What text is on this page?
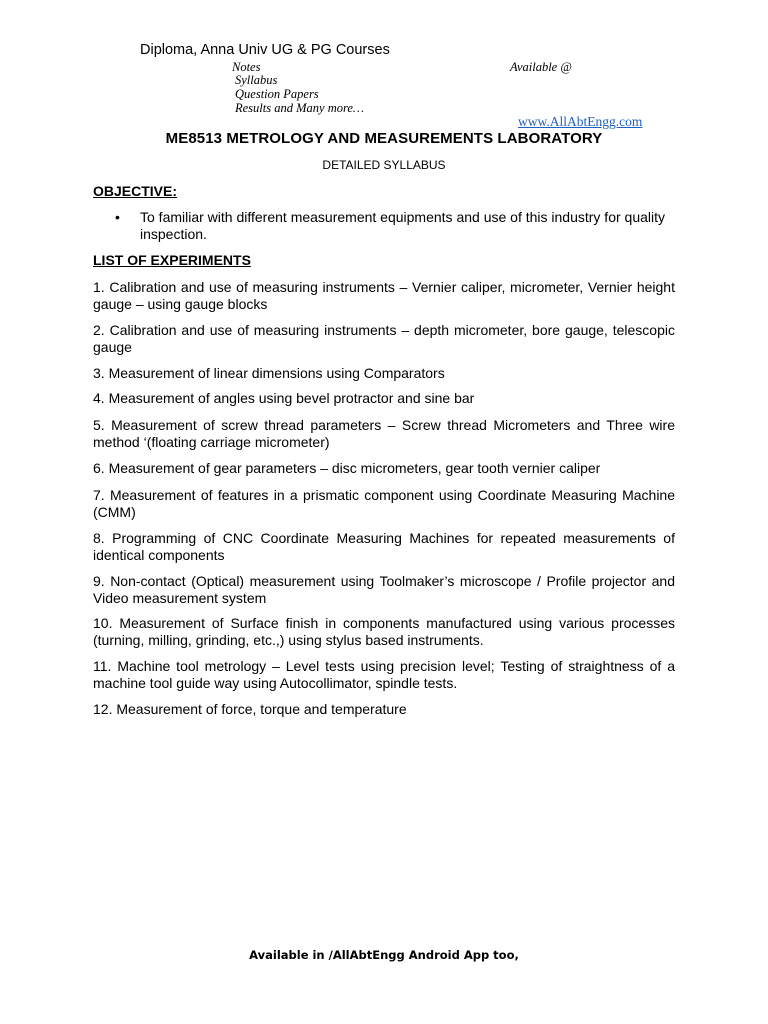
Diploma, Anna Univ UG & PG Courses
Notes
Syllabus
Question Papers
Results and Many more…
Available @
www.AllAbtEngg.com
ME8513 METROLOGY AND MEASUREMENTS LABORATORY
DETAILED SYLLABUS
OBJECTIVE:
•	To familiar with different measurement equipments and use of this industry for quality inspection.
LIST OF EXPERIMENTS
1. Calibration and use of measuring instruments – Vernier caliper, micrometer, Vernier height gauge – using gauge blocks
2. Calibration and use of measuring instruments – depth micrometer, bore gauge, telescopic gauge
3. Measurement of linear dimensions using Comparators
4. Measurement of angles using bevel protractor and sine bar
5. Measurement of screw thread parameters – Screw thread Micrometers and Three wire method ‘(floating carriage micrometer)
6. Measurement of gear parameters – disc micrometers, gear tooth vernier caliper
7. Measurement of features in a prismatic component using Coordinate Measuring Machine (CMM)
8. Programming of CNC Coordinate Measuring Machines for repeated measurements of identical components
9. Non-contact (Optical) measurement using Toolmaker’s microscope / Profile projector and Video measurement system
10. Measurement of Surface finish in components manufactured using various processes (turning, milling, grinding, etc.,) using stylus based instruments.
11. Machine tool metrology – Level tests using precision level; Testing of straightness of a machine tool guide way using Autocollimator, spindle tests.
12. Measurement of force, torque and temperature
Available in /AllAbtEngg Android App too,
